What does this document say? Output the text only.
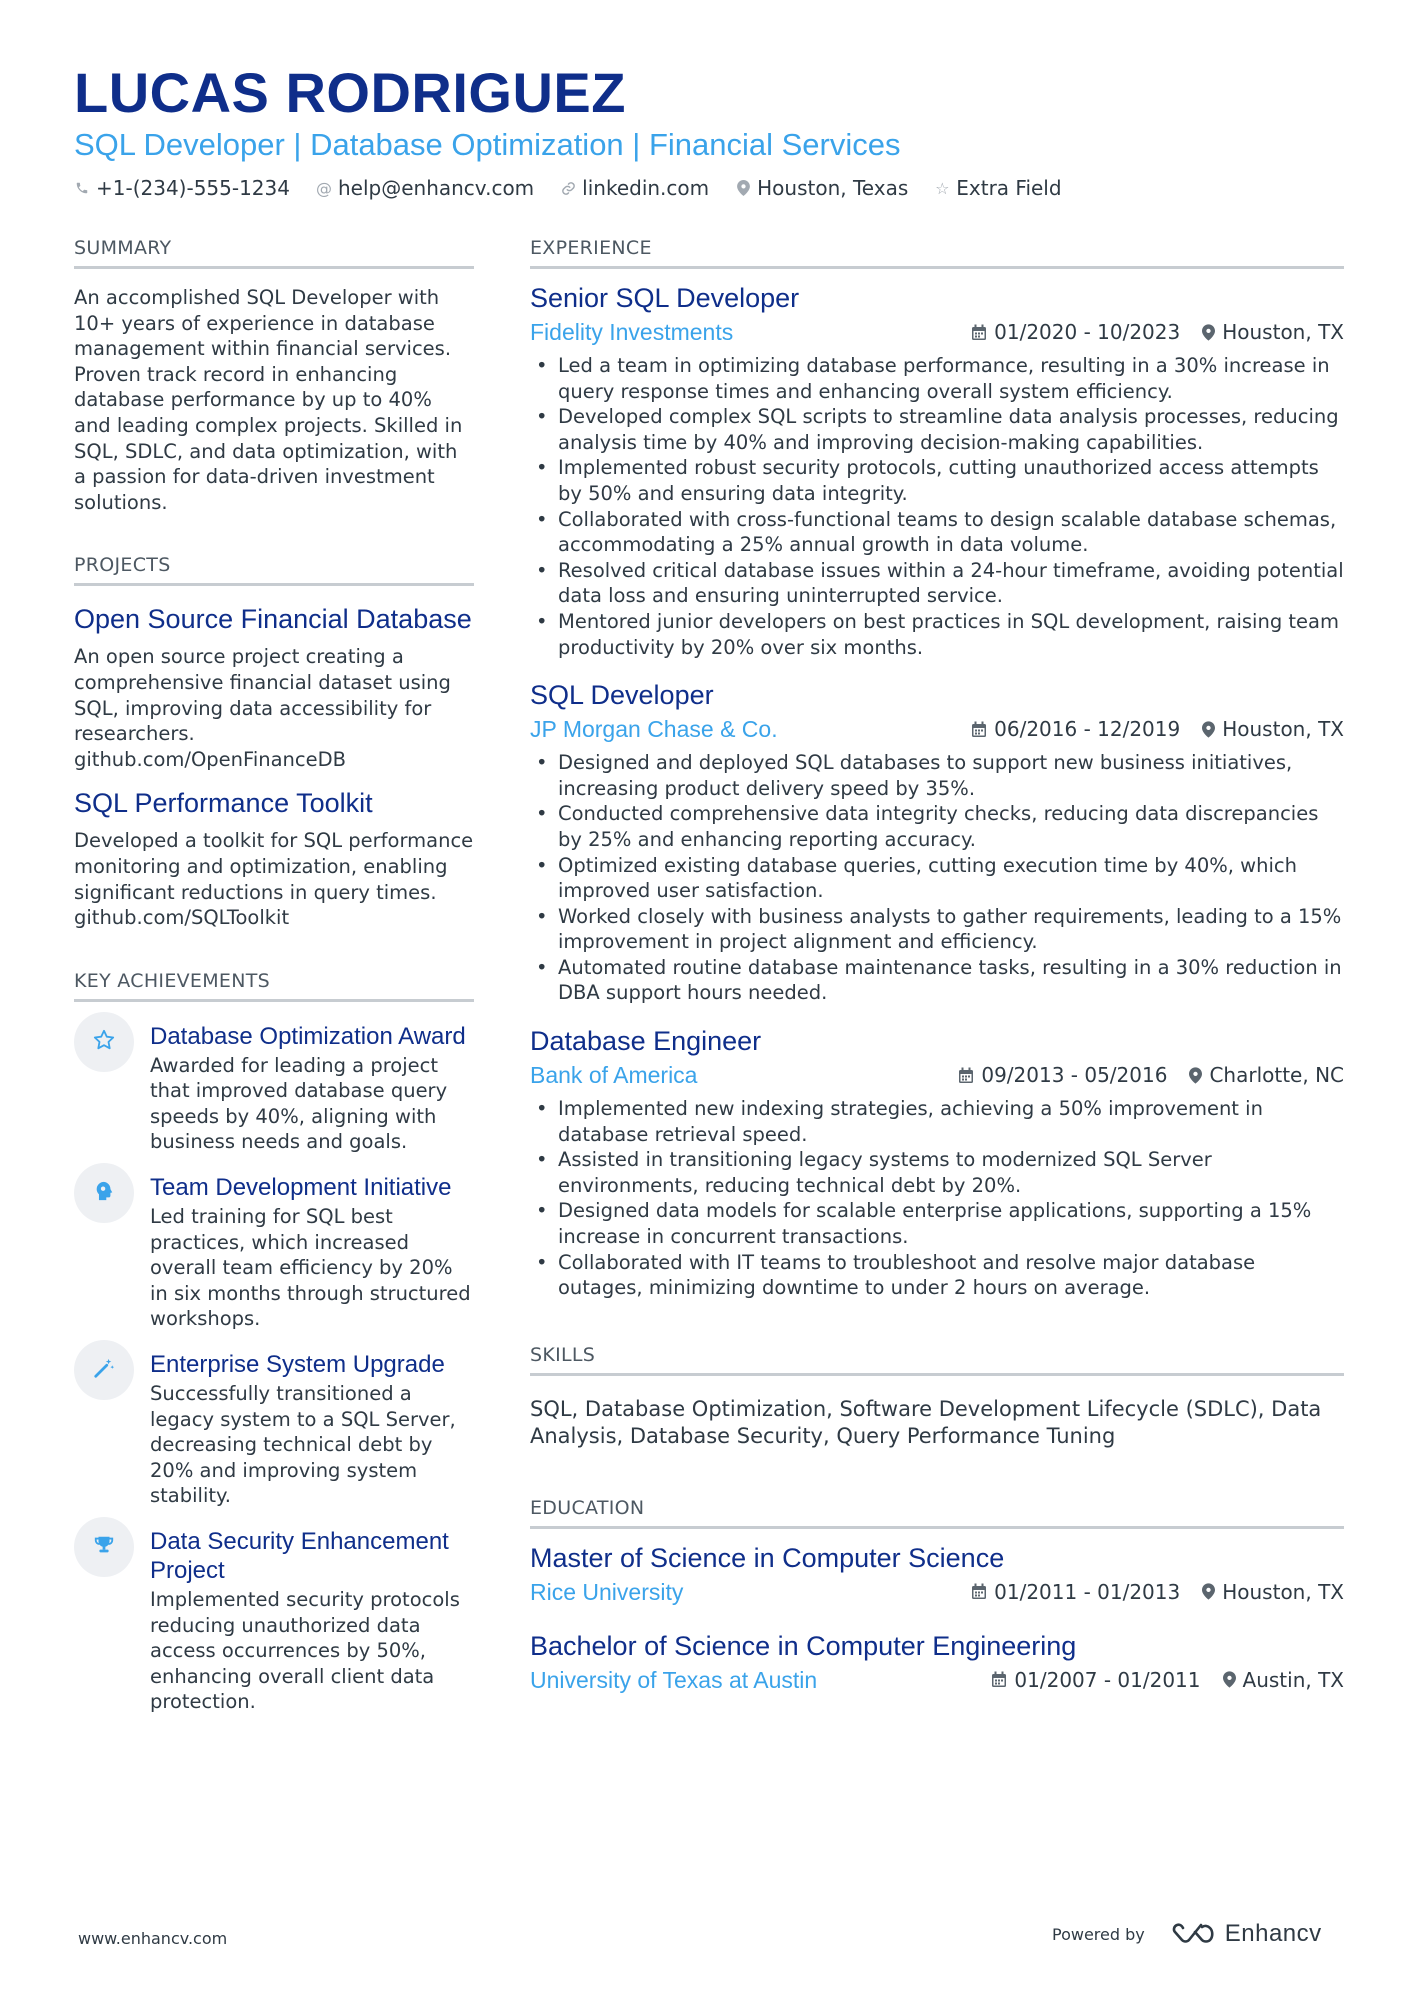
LUCAS RODRIGUEZ
SQL Developer | Database Optimization | Financial Services
+1-(234)-555-1234 @ help@enhancv.com linkedin.com Houston, Texas ☆ Extra Field
SUMMARY
An accomplished SQL Developer with 10+ years of experience in database management within financial services. Proven track record in enhancing database performance by up to 40% and leading complex projects. Skilled in SQL, SDLC, and data optimization, with a passion for data-driven investment solutions.
PROJECTS
Open Source Financial Database
An open source project creating a comprehensive financial dataset using SQL, improving data accessibility for researchers.
github.com/OpenFinanceDB
SQL Performance Toolkit
Developed a toolkit for SQL performance monitoring and optimization, enabling significant reductions in query times.
github.com/SQLToolkit
KEY ACHIEVEMENTS
Database Optimization Award
Awarded for leading a project that improved database query speeds by 40%, aligning with business needs and goals.
Team Development Initiative
Led training for SQL best practices, which increased overall team efficiency by 20% in six months through structured workshops.
Enterprise System Upgrade
Successfully transitioned a legacy system to a SQL Server, decreasing technical debt by 20% and improving system stability.
Data Security Enhancement Project
Implemented security protocols reducing unauthorized data access occurrences by 50%, enhancing overall client data protection.
EXPERIENCE
Senior SQL Developer
Fidelity Investments	01/2020 - 10/2023 Houston, TX
• Led a team in optimizing database performance, resulting in a 30% increase in query response times and enhancing overall system efficiency.
• Developed complex SQL scripts to streamline data analysis processes, reducing analysis time by 40% and improving decision-making capabilities.
• Implemented robust security protocols, cutting unauthorized access attempts by 50% and ensuring data integrity.
• Collaborated with cross-functional teams to design scalable database schemas, accommodating a 25% annual growth in data volume.
• Resolved critical database issues within a 24-hour timeframe, avoiding potential data loss and ensuring uninterrupted service.
• Mentored junior developers on best practices in SQL development, raising team productivity by 20% over six months.
SQL Developer
JP Morgan Chase & Co.	06/2016 - 12/2019 Houston, TX
• Designed and deployed SQL databases to support new business initiatives, increasing product delivery speed by 35%.
• Conducted comprehensive data integrity checks, reducing data discrepancies by 25% and enhancing reporting accuracy.
• Optimized existing database queries, cutting execution time by 40%, which improved user satisfaction.
• Worked closely with business analysts to gather requirements, leading to a 15% improvement in project alignment and efficiency.
• Automated routine database maintenance tasks, resulting in a 30% reduction in DBA support hours needed.
Database Engineer
Bank of America	09/2013 - 05/2016 Charlotte, NC
• Implemented new indexing strategies, achieving a 50% improvement in database retrieval speed.
• Assisted in transitioning legacy systems to modernized SQL Server environments, reducing technical debt by 20%.
• Designed data models for scalable enterprise applications, supporting a 15% increase in concurrent transactions.
• Collaborated with IT teams to troubleshoot and resolve major database outages, minimizing downtime to under 2 hours on average.
SKILLS
SQL, Database Optimization, Software Development Lifecycle (SDLC), Data Analysis, Database Security, Query Performance Tuning
EDUCATION
Master of Science in Computer Science
Rice University	01/2011 - 01/2013 Houston, TX
Bachelor of Science in Computer Engineering
University of Texas at Austin	01/2007 - 01/2011 Austin, TX
www.enhancv.com	Powered by	Enhancv
